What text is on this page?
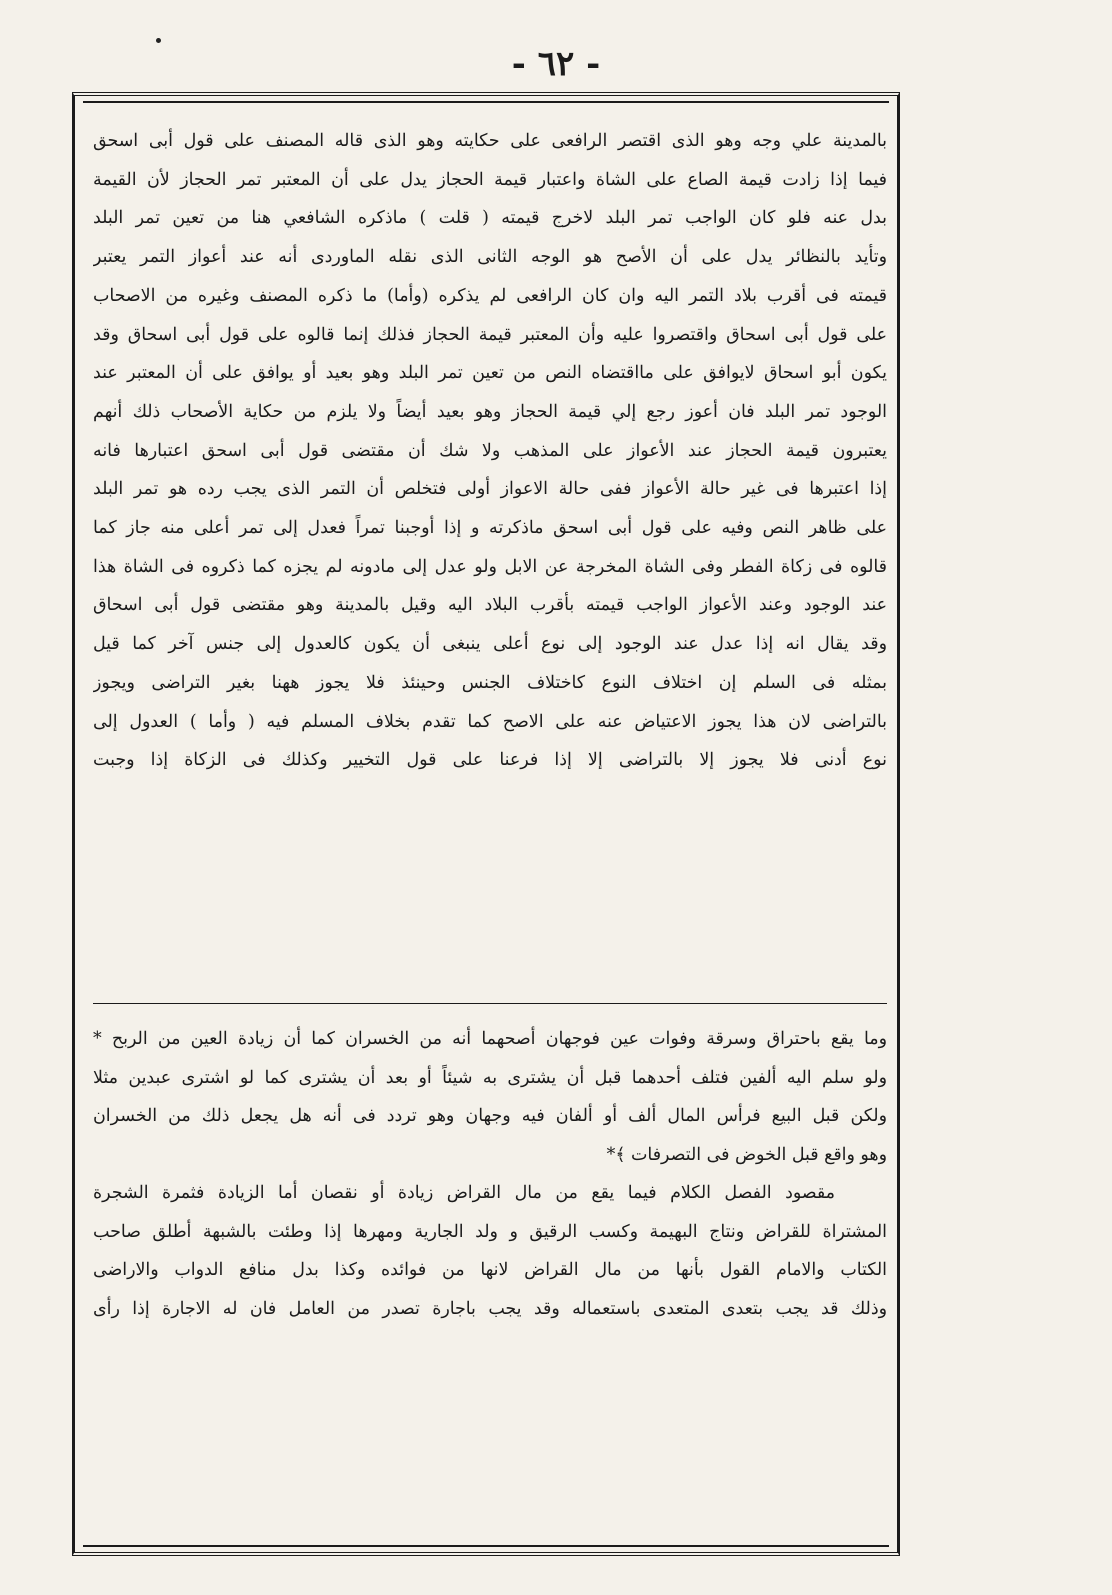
- ٦٢ -
بالمدينة علي وجه وهو الذى اقتصر الرافعى على حكايته وهو الذى قاله المصنف على قول أبى اسحق
فيما إذا زادت قيمة الصاع على الشاة واعتبار قيمة الحجاز يدل على أن المعتبر تمر الحجاز لأن القيمة
بدل عنه فلو كان الواجب تمر البلد لاخرج قيمته ( قلت ) ماذكره الشافعي هنا من تعين تمر البلد
وتأيد بالنظائر يدل على أن الأصح هو الوجه الثانى الذى نقله الماوردى أنه عند أعواز التمر يعتبر
قيمته فى أقرب بلاد التمر اليه وان كان الرافعى لم يذكره (وأما) ما ذكره المصنف وغيره من الاصحاب
على قول أبى اسحاق واقتصروا عليه وأن المعتبر قيمة الحجاز فذلك إنما قالوه على قول أبى اسحاق وقد
يكون أبو اسحاق لايوافق على مااقتضاه النص من تعين تمر البلد وهو بعيد أو يوافق على أن المعتبر عند
الوجود تمر البلد فان أعوز رجع إلي قيمة الحجاز وهو بعيد أيضاً ولا يلزم من حكاية الأصحاب ذلك أنهم
يعتبرون قيمة الحجاز عند الأعواز على المذهب ولا شك أن مقتضى قول أبى اسحق اعتبارها فانه
إذا اعتبرها فى غير حالة الأعواز ففى حالة الاعواز أولى فتخلص أن التمر الذى يجب رده هو تمر البلد
على ظاهر النص وفيه على قول أبى اسحق ماذكرته و إذا أوجبنا تمراً فعدل إلى تمر أعلى منه جاز كما
قالوه فى زكاة الفطر وفى الشاة المخرجة عن الابل ولو عدل إلى مادونه لم يجزه كما ذكروه فى الشاة هذا
عند الوجود وعند الأعواز الواجب قيمته بأقرب البلاد اليه وقيل بالمدينة وهو مقتضى قول أبى اسحاق
وقد يقال انه إذا عدل عند الوجود إلى نوع أعلى ينبغى أن يكون كالعدول إلى جنس آخر كما قيل
بمثله فى السلم إن اختلاف النوع كاختلاف الجنس وحينئذ فلا يجوز ههنا بغير التراضى ويجوز
بالتراضى لان هذا يجوز الاعتياض عنه على الاصح كما تقدم بخلاف المسلم فيه ( وأما ) العدول إلى
نوع أدنى فلا يجوز إلا بالتراضى إلا إذا فرعنا على قول التخيير وكذلك فى الزكاة إذا وجبت
وما يقع باحتراق وسرقة وفوات عين فوجهان أصحهما أنه من الخسران كما أن زيادة العين من الربح *
ولو سلم اليه ألفين فتلف أحدهما قبل أن يشترى به شيئاً أو بعد أن يشترى كما لو اشترى عبدين مثلا
ولكن قبل البيع فرأس المال ألف أو ألفان فيه وجهان وهو تردد فى أنه هل يجعل ذلك من الخسران
وهو واقع قبل الخوض فى التصرفات ﴾*
مقصود الفصل الكلام فيما يقع من مال القراض زيادة أو نقصان أما الزيادة فثمرة الشجرة
المشتراة للقراض ونتاج البهيمة وكسب الرقيق و ولد الجارية ومهرها إذا وطئت بالشبهة أطلق صاحب
الكتاب والامام القول بأنها من مال القراض لانها من فوائده وكذا بدل منافع الدواب والاراضى
وذلك قد يجب بتعدى المتعدى باستعماله وقد يجب باجارة تصدر من العامل فان له الاجارة إذا رأى
